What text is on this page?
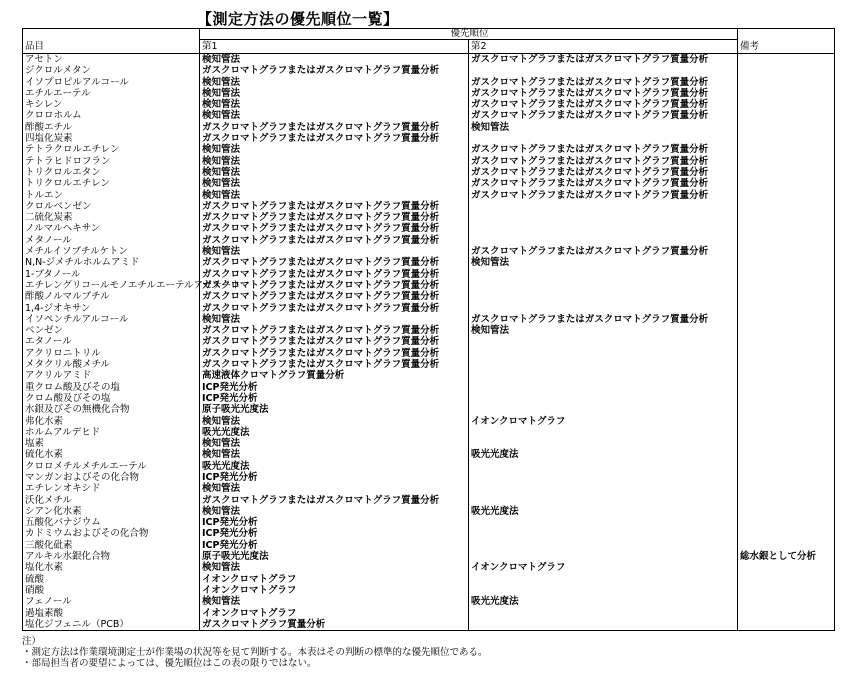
【測定方法の優先順位一覧】
	優先順位		
品目	第1	第2	備考
アセトン	検知管法	ガスクロマトグラフまたはガスクロマトグラフ質量分析	
ジクロルメタン	ガスクロマトグラフまたはガスクロマトグラフ質量分析		
イソプロピルアルコール	検知管法	ガスクロマトグラフまたはガスクロマトグラフ質量分析	
エチルエーテル	検知管法	ガスクロマトグラフまたはガスクロマトグラフ質量分析	
キシレン	検知管法	ガスクロマトグラフまたはガスクロマトグラフ質量分析	
クロロホルム	検知管法	ガスクロマトグラフまたはガスクロマトグラフ質量分析	
酢酸エチル	ガスクロマトグラフまたはガスクロマトグラフ質量分析	検知管法	
四塩化炭素	ガスクロマトグラフまたはガスクロマトグラフ質量分析		
テトラクロルエチレン	検知管法	ガスクロマトグラフまたはガスクロマトグラフ質量分析	
テトラヒドロフラン	検知管法	ガスクロマトグラフまたはガスクロマトグラフ質量分析	
トリクロルエタン	検知管法	ガスクロマトグラフまたはガスクロマトグラフ質量分析	
トリクロルエチレン	検知管法	ガスクロマトグラフまたはガスクロマトグラフ質量分析	
トルエン	検知管法	ガスクロマトグラフまたはガスクロマトグラフ質量分析	
クロルベンゼン	ガスクロマトグラフまたはガスクロマトグラフ質量分析		
二硫化炭素	ガスクロマトグラフまたはガスクロマトグラフ質量分析		
ノルマルヘキサン	ガスクロマトグラフまたはガスクロマトグラフ質量分析		
メタノール	ガスクロマトグラフまたはガスクロマトグラフ質量分析		
メチルイソブチルケトン	検知管法	ガスクロマトグラフまたはガスクロマトグラフ質量分析	
N,N-ジメチルホルムアミド	ガスクロマトグラフまたはガスクロマトグラフ質量分析	検知管法	
1-ブタノール	ガスクロマトグラフまたはガスクロマトグラフ質量分析		
エチレングリコールモノエチルエーテルアセテート	ガスクロマトグラフまたはガスクロマトグラフ質量分析		
酢酸ノルマルブチル	ガスクロマトグラフまたはガスクロマトグラフ質量分析		
1,4-ジオキサン	ガスクロマトグラフまたはガスクロマトグラフ質量分析		
イソペンチルアルコール	検知管法	ガスクロマトグラフまたはガスクロマトグラフ質量分析	
ベンゼン	ガスクロマトグラフまたはガスクロマトグラフ質量分析	検知管法	
エタノール	ガスクロマトグラフまたはガスクロマトグラフ質量分析		
アクリロニトリル	ガスクロマトグラフまたはガスクロマトグラフ質量分析		
メタクリル酸メチル	ガスクロマトグラフまたはガスクロマトグラフ質量分析		
アクリルアミド	高速液体クロマトグラフ質量分析		
重クロム酸及びその塩	ICP発光分析		
クロム酸及びその塩	ICP発光分析		
水銀及びその無機化合物	原子吸光光度法		
弗化水素	検知管法	イオンクロマトグラフ	
ホルムアルデヒド	吸光光度法		
塩素	検知管法		
硫化水素	検知管法	吸光光度法	
クロロメチルメチルエーテル	吸光光度法		
マンガンおよびその化合物	ICP発光分析		
エチレンオキシド	検知管法		
沃化メチル	ガスクロマトグラフまたはガスクロマトグラフ質量分析		
シアン化水素	検知管法	吸光光度法	
五酸化バナジウム	ICP発光分析		
カドミウムおよびその化合物	ICP発光分析		
三酸化砒素	ICP発光分析		
アルキル水銀化合物	原子吸光光度法		総水銀として分析
塩化水素	検知管法	イオンクロマトグラフ	
硫酸	イオンクロマトグラフ		
硝酸	イオンクロマトグラフ		
フェノール	検知管法	吸光光度法	
過塩素酸	イオンクロマトグラフ		
塩化ジフェニル（PCB）	ガスクロマトグラフ質量分析		
注）
・測定方法は作業環境測定士が作業場の状況等を見て判断する。本表はその判断の標準的な優先順位である。
・部局担当者の要望によっては、優先順位はこの表の限りではない。
